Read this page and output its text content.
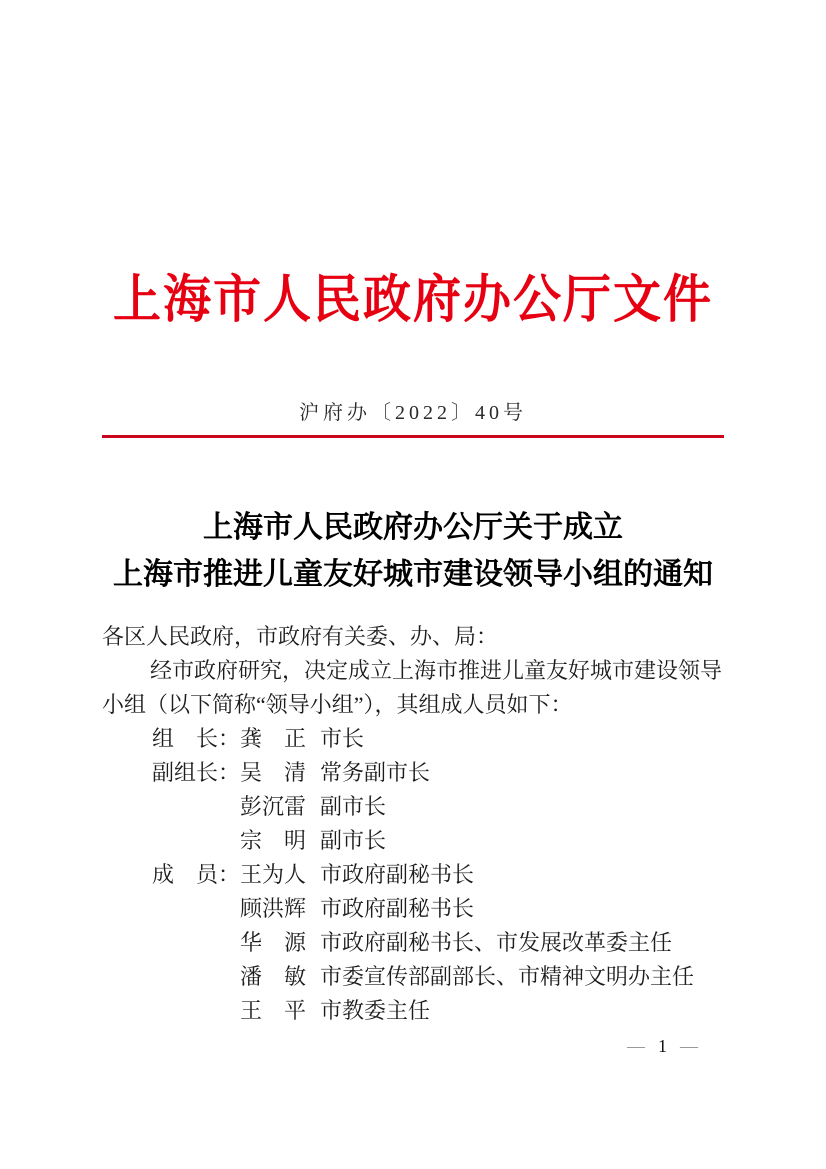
上海市人民政府办公厅文件
沪府办〔2022〕40号
上海市人民政府办公厅关于成立
上海市推进儿童友好城市建设领导小组的通知
各区人民政府，市政府有关委、办、局：
经市政府研究，决定成立上海市推进儿童友好城市建设领导
小组（以下简称“领导小组”），其组成人员如下：
组　长： 龚　正 市长
副组长： 吴　清 常务副市长
彭沉雷 副市长
宗　明 副市长
成　员： 王为人 市政府副秘书长
顾洪辉 市政府副秘书长
华　源 市政府副秘书长、市发展改革委主任
潘　敏 市委宣传部副部长、市精神文明办主任
王　平 市教委主任
— 1 —
